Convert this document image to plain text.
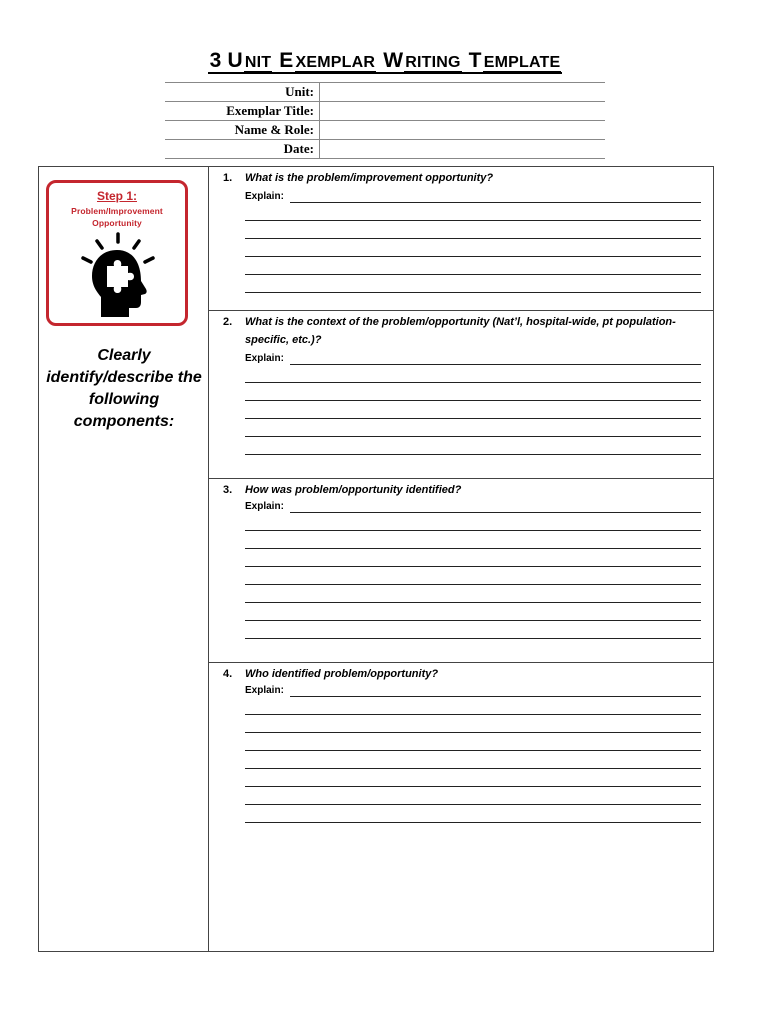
3 U NIT E XEMPLAR W RITING T EMPLATE
Unit:
Exemplar Title:
Name & Role:
Date:
Step 1:
Problem/Improvement
Opportunity
Clearly identify/describe the following components:
1. What is the problem/improvement opportunity?
Explain:
2. What is the context of the problem/opportunity (Nat’l, hospital-wide, pt population-specific, etc.)?
Explain:
3. How was problem/opportunity identified?
Explain:
4. Who identified problem/opportunity?
Explain:
